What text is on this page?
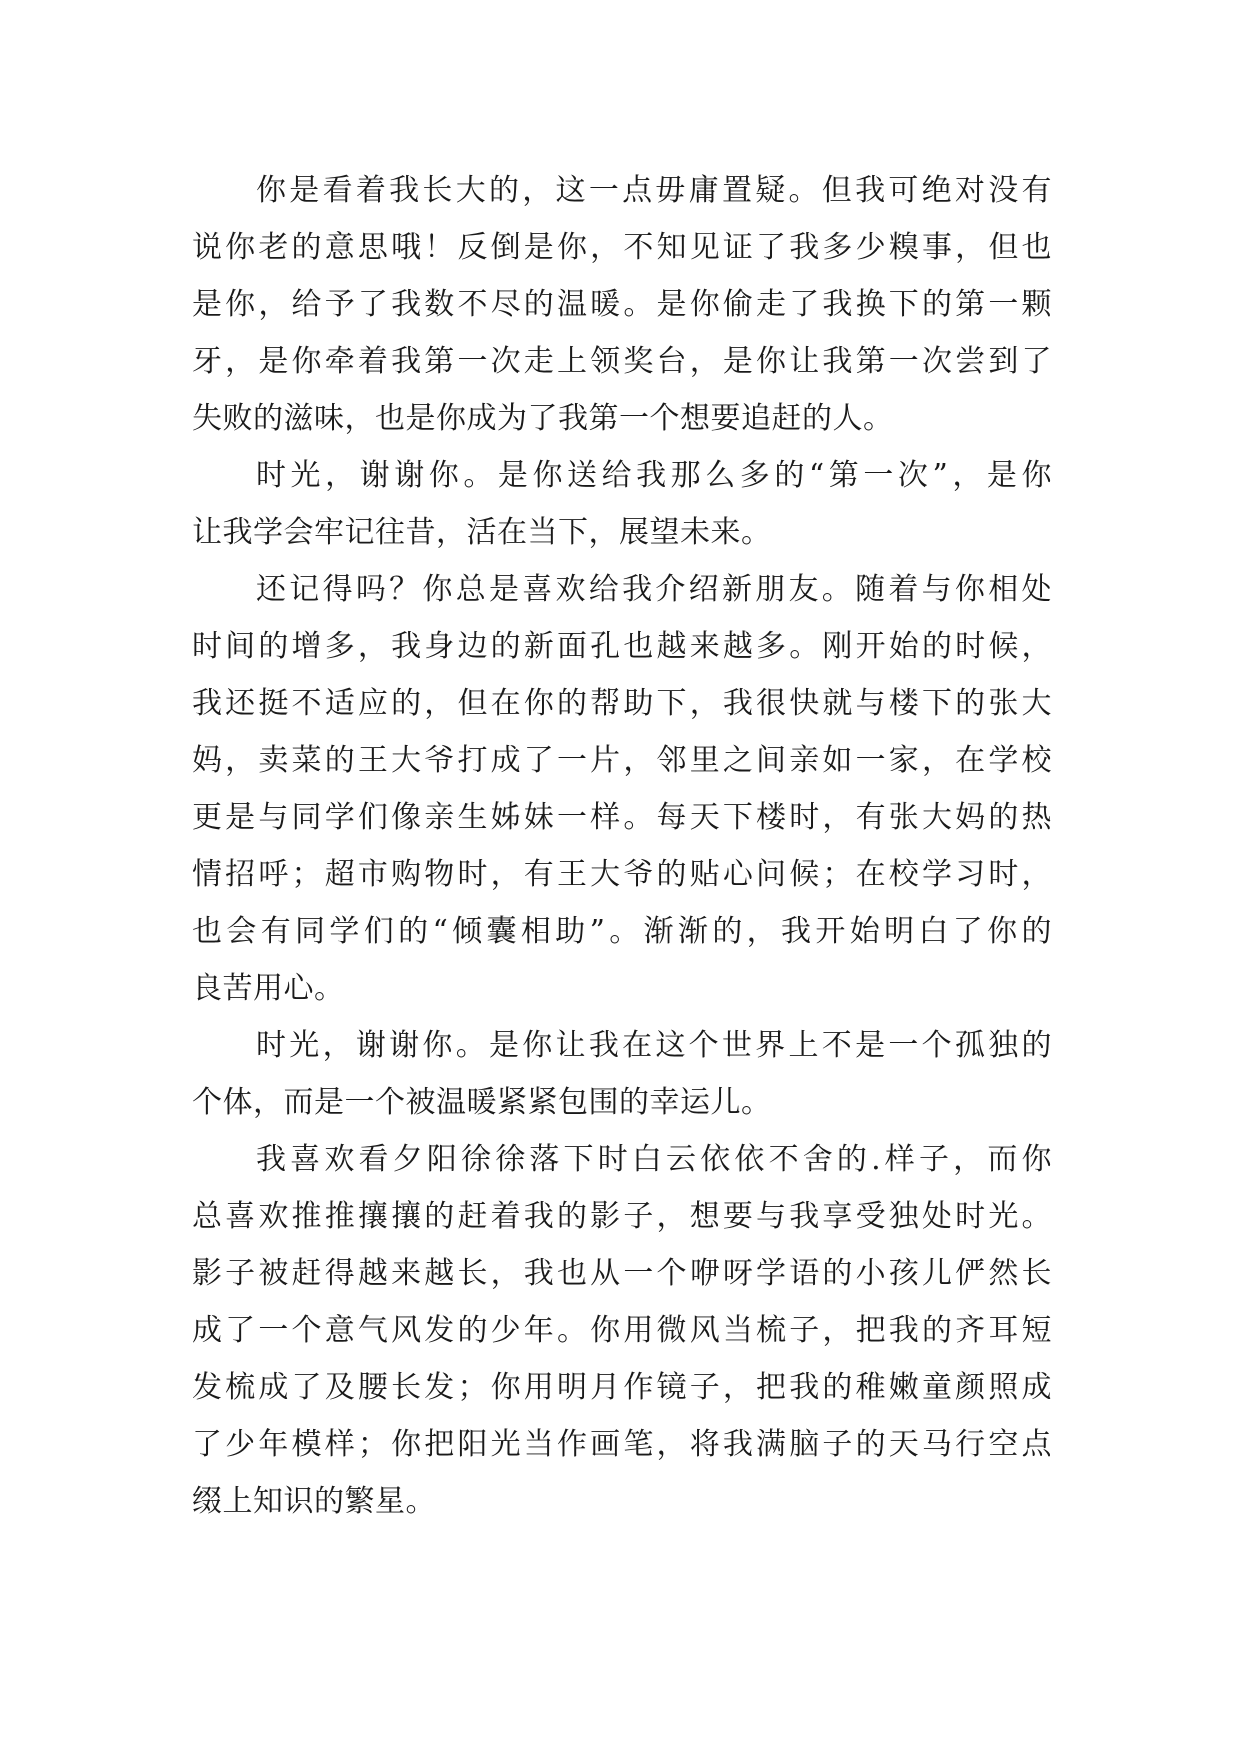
你是看着我长大的，这一点毋庸置疑。但我可绝对没有
说你老的意思哦！反倒是你，不知见证了我多少糗事，但也
是你，给予了我数不尽的温暖。是你偷走了我换下的第一颗
牙，是你牵着我第一次走上领奖台，是你让我第一次尝到了
失败的滋味，也是你成为了我第一个想要追赶的人。
时光，谢谢你。是你送给我那么多的“第一次”，是你
让我学会牢记往昔，活在当下，展望未来。
还记得吗？你总是喜欢给我介绍新朋友。随着与你相处
时间的增多，我身边的新面孔也越来越多。刚开始的时候，
我还挺不适应的，但在你的帮助下，我很快就与楼下的张大
妈，卖菜的王大爷打成了一片，邻里之间亲如一家，在学校
更是与同学们像亲生姊妹一样。每天下楼时，有张大妈的热
情招呼；超市购物时，有王大爷的贴心问候；在校学习时，
也会有同学们的“倾囊相助”。渐渐的，我开始明白了你的
良苦用心。
时光，谢谢你。是你让我在这个世界上不是一个孤独的
个体，而是一个被温暖紧紧包围的幸运儿。
我喜欢看夕阳徐徐落下时白云依依不舍的.样子，而你
总喜欢推推攘攘的赶着我的影子，想要与我享受独处时光。
影子被赶得越来越长，我也从一个咿呀学语的小孩儿俨然长
成了一个意气风发的少年。你用微风当梳子，把我的齐耳短
发梳成了及腰长发；你用明月作镜子，把我的稚嫩童颜照成
了少年模样；你把阳光当作画笔，将我满脑子的天马行空点
缀上知识的繁星。
